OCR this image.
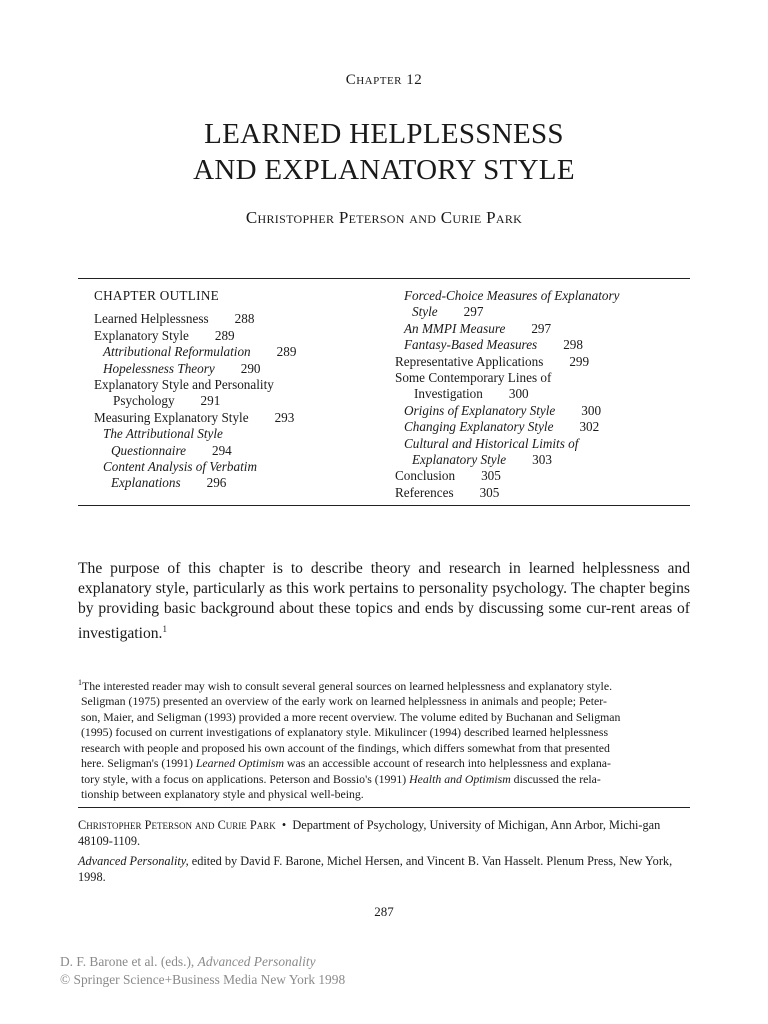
Chapter 12
LEARNED HELPLESSNESS
AND EXPLANATORY STYLE
Christopher Peterson and Curie Park
CHAPTER OUTLINE
Learned Helplessness 288
Explanatory Style 289
Attributional Reformulation 289
Hopelessness Theory 290
Explanatory Style and Personality
Psychology 291
Measuring Explanatory Style 293
The Attributional Style
Questionnaire 294
Content Analysis of Verbatim
Explanations 296
Forced-Choice Measures of Explanatory
Style 297
An MMPI Measure 297
Fantasy-Based Measures 298
Representative Applications 299
Some Contemporary Lines of
Investigation 300
Origins of Explanatory Style 300
Changing Explanatory Style 302
Cultural and Historical Limits of
Explanatory Style 303
Conclusion 305
References 305
The purpose of this chapter is to describe theory and research in learned helplessness and explanatory style, particularly as this work pertains to personality psychology. The chapter begins by providing basic background about these topics and ends by discussing some cur-rent areas of investigation.$^1$
$^1$The interested reader may wish to consult several general sources on learned helplessness and explanatory style.
Seligman (1975) presented an overview of the early work on learned helplessness in animals and people; Peter-
son, Maier, and Seligman (1993) provided a more recent overview. The volume edited by Buchanan and Seligman
(1995) focused on current investigations of explanatory style. Mikulincer (1994) described learned helplessness
research with people and proposed his own account of the findings, which differs somewhat from that presented
here. Seligman's (1991) Learned Optimism was an accessible account of research into helplessness and explana-
tory style, with a focus on applications. Peterson and Bossio's (1991) Health and Optimism discussed the rela-
tionship between explanatory style and physical well-being.
Christopher Peterson and Curie Park • Department of Psychology, University of Michigan, Ann Arbor, Michi-gan 48109-1109.
Advanced Personality, edited by David F. Barone, Michel Hersen, and Vincent B. Van Hasselt. Plenum Press, New York, 1998.
287
D. F. Barone et al. (eds.), Advanced Personality
© Springer Science+Business Media New York 1998
